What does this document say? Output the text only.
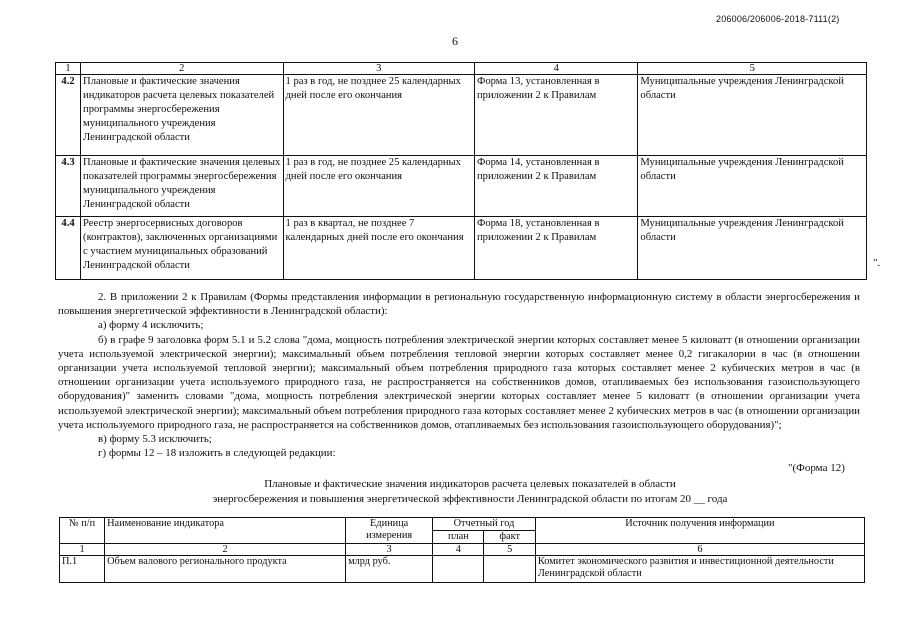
206006/206006-2018-7111(2)
6
1	2	3	4	5
4.2	Плановые и фактические значения индикаторов расчета целевых показателей программы энергосбережения муниципального учреждения Ленинградской области	1 раз в год, не позднее 25 календарных дней после его окончания	Форма 13, установленная в приложении 2 к Правилам	Муниципальные учреждения Ленинградской области
4.3	Плановые и фактические значения целевых показателей программы энергосбережения муниципального учреждения Ленинградской области	1 раз в год, не позднее 25 календарных дней после его окончания	Форма 14, установленная в приложении 2 к Правилам	Муниципальные учреждения Ленинградской области
4.4	Реестр энергосервисных договоров (контрактов), заключенных организациями с участием муниципальных образований Ленинградской области	1 раз в квартал, не позднее 7 календарных дней после его окончания	Форма 18, установленная в приложении 2 к Правилам	Муниципальные учреждения Ленинградской области
".

2. В приложении 2 к Правилам (Формы представления информации в региональную государственную информационную систему в области энергосбережения и повышения энергетической эффективности в Ленинградской области):

а) форму 4 исключить;

б) в графе 9 заголовка форм 5.1 и 5.2 слова "дома, мощность потребления электрической энергии которых составляет менее 5 киловатт (в отношении организации учета используемой электрической энергии); максимальный объем потребления тепловой энергии которых составляет менее 0,2 гигакалории в час (в отношении организации учета используемой тепловой энергии); максимальный объем потребления природного газа которых составляет менее 2 кубических метров в час (в отношении организации учета используемого природного газа, не распространяется на собственников домов, отапливаемых без использования газоиспользующего оборудования)" заменить словами "дома, мощность потребления электрической энергии которых составляет менее 5 киловатт (в отношении организации учета используемой электрической энергии); максимальный объем потребления природного газа которых составляет менее 2 кубических метров в час (в отношении организации учета используемого природного газа, не распространяется на собственников домов, отапливаемых без использования газоиспользующего оборудования)";

в) форму 5.3 исключить;

г) формы 12 – 18 изложить в следующей редакции:

"(Форма 12)
Плановые и фактические значения индикаторов расчета целевых показателей в области
энергосбережения и повышения энергетической эффективности Ленинградской области по итогам 20 __ года
№ п/п	Наименование индикатора	Единица измерения	Отчетный год		Источник получения информации
			план	факт	
1	2	3	4	5	6
П.1	Объем валового регионального продукта	млрд руб.			Комитет экономического развития и инвестиционной деятельности Ленинградской области
